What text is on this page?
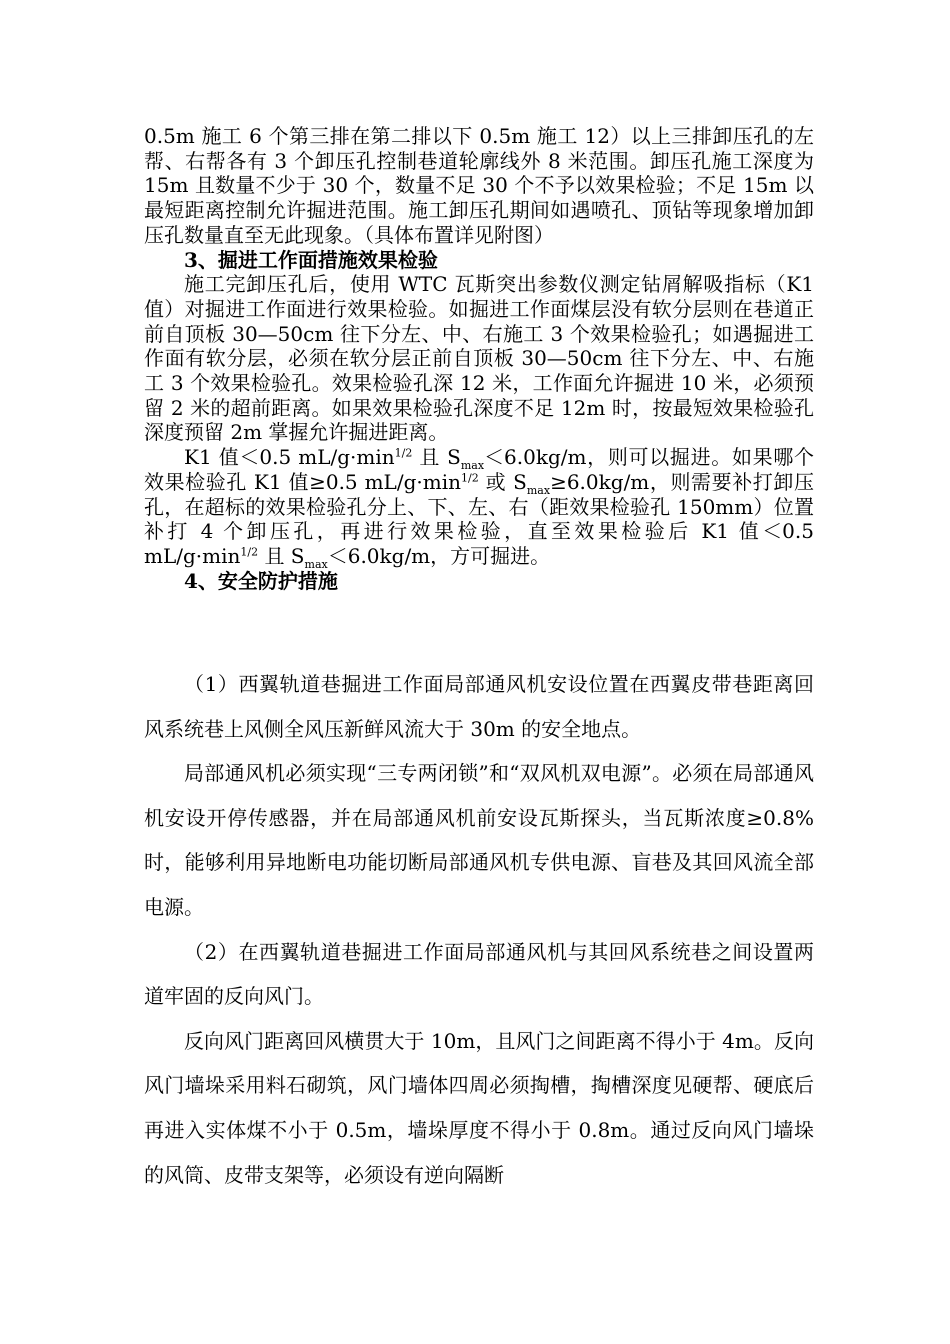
0.5m 施工 6 个第三排在第二排以下 0.5m 施工 12）以上三排卸压孔的左帮、右帮各有 3 个卸压孔控制巷道轮廓线外 8 米范围。卸压孔施工深度为 15m 且数量不少于 30 个，数量不足 30 个不予以效果检验；不足 15m 以最短距离控制允许掘进范围。施工卸压孔期间如遇喷孔、顶钻等现象增加卸压孔数量直至无此现象。（具体布置详见附图）

3、掘进工作面措施效果检验

施工完卸压孔后，使用 WTC 瓦斯突出参数仪测定钻屑解吸指标（K1 值）对掘进工作面进行效果检验。如掘进工作面煤层没有软分层则在巷道正前自顶板 30—50cm 往下分左、中、右施工 3 个效果检验孔；如遇掘进工作面有软分层，必须在软分层正前自顶板 30—50cm 往下分左、中、右施工 3 个效果检验孔。效果检验孔深 12 米，工作面允许掘进 10 米，必须预留 2 米的超前距离。如果效果检验孔深度不足 12m 时，按最短效果检验孔深度预留 2m 掌握允许掘进距离。

K1 值＜0.5 $mL/g\cdot\min^{1/2}$ 且 $S_{max}<6.0kg/m$，则可以掘进。如果哪个效果检验孔 K1 值≥0.5 $mL/g\cdot\min^{1/2}$ 或 $S_{max}\ge 6.0kg/m$，则需要补打卸压孔，在超标的效果检验孔分上、下、左、右（距效果检验孔 150mm）位置补打 4 个卸压孔，再进行效果检验，直至效果检验后 K1 值＜0.5 $mL/g\cdot\min^{1/2}$ 且 $S_{max}<6.0kg/m$，方可掘进。

4、安全防护措施

（1）西翼轨道巷掘进工作面局部通风机安设位置在西翼皮带巷距离回风系统巷上风侧全风压新鲜风流大于 30m 的安全地点。

局部通风机必须实现“三专两闭锁”和“双风机双电源”。必须在局部通风机安设开停传感器，并在局部通风机前安设瓦斯探头，当瓦斯浓度≥0.8%时，能够利用异地断电功能切断局部通风机专供电源、盲巷及其回风流全部电源。

（2）在西翼轨道巷掘进工作面局部通风机与其回风系统巷之间设置两道牢固的反向风门。

反向风门距离回风横贯大于 10m，且风门之间距离不得小于 4m。反向风门墙垛采用料石砌筑，风门墙体四周必须掏槽，掏槽深度见硬帮、硬底后再进入实体煤不小于 0.5m，墙垛厚度不得小于 0.8m。通过反向风门墙垛的风筒、皮带支架等，必须设有逆向隔断
